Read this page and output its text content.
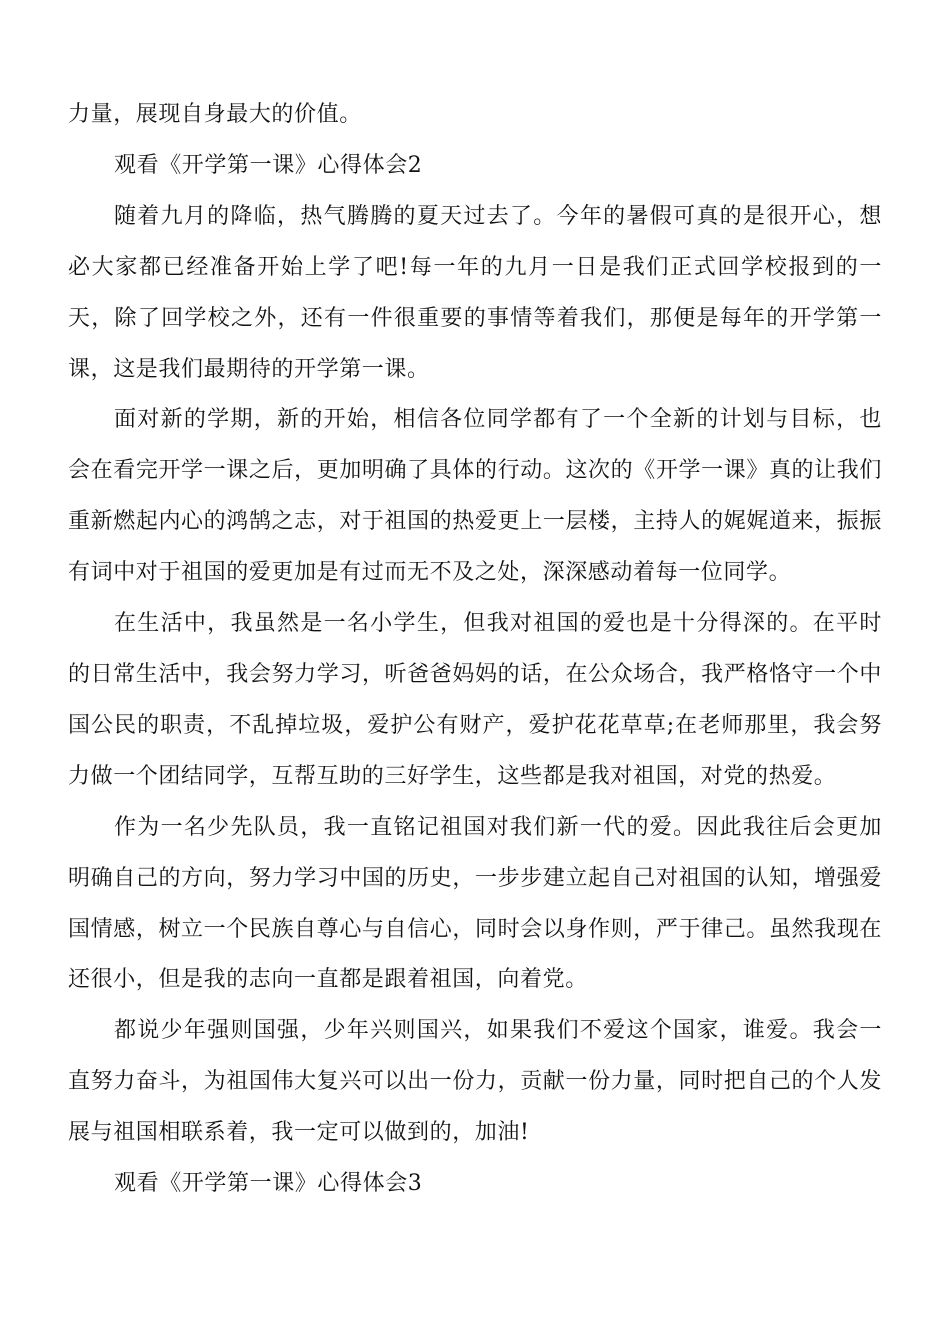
力量，展现自身最大的价值。

观看《开学第一课》心得体会2

随着九月的降临，热气腾腾的夏天过去了。今年的暑假可真的是很开心，想必大家都已经准备开始上学了吧!每一年的九月一日是我们正式回学校报到的一天，除了回学校之外，还有一件很重要的事情等着我们，那便是每年的开学第一课，这是我们最期待的开学第一课。

面对新的学期，新的开始，相信各位同学都有了一个全新的计划与目标，也会在看完开学一课之后，更加明确了具体的行动。这次的《开学一课》真的让我们重新燃起内心的鸿鹄之志，对于祖国的热爱更上一层楼，主持人的娓娓道来，振振有词中对于祖国的爱更加是有过而无不及之处，深深感动着每一位同学。

在生活中，我虽然是一名小学生，但我对祖国的爱也是十分得深的。在平时的日常生活中，我会努力学习，听爸爸妈妈的话，在公众场合，我严格恪守一个中国公民的职责，不乱掉垃圾，爱护公有财产，爱护花花草草;在老师那里，我会努力做一个团结同学，互帮互助的三好学生，这些都是我对祖国，对党的热爱。

作为一名少先队员，我一直铭记祖国对我们新一代的爱。因此我往后会更加明确自己的方向，努力学习中国的历史，一步步建立起自己对祖国的认知，增强爱国情感，树立一个民族自尊心与自信心，同时会以身作则，严于律己。虽然我现在还很小，但是我的志向一直都是跟着祖国，向着党。

都说少年强则国强，少年兴则国兴，如果我们不爱这个国家，谁爱。我会一直努力奋斗，为祖国伟大复兴可以出一份力，贡献一份力量，同时把自己的个人发展与祖国相联系着，我一定可以做到的，加油!

观看《开学第一课》心得体会3
